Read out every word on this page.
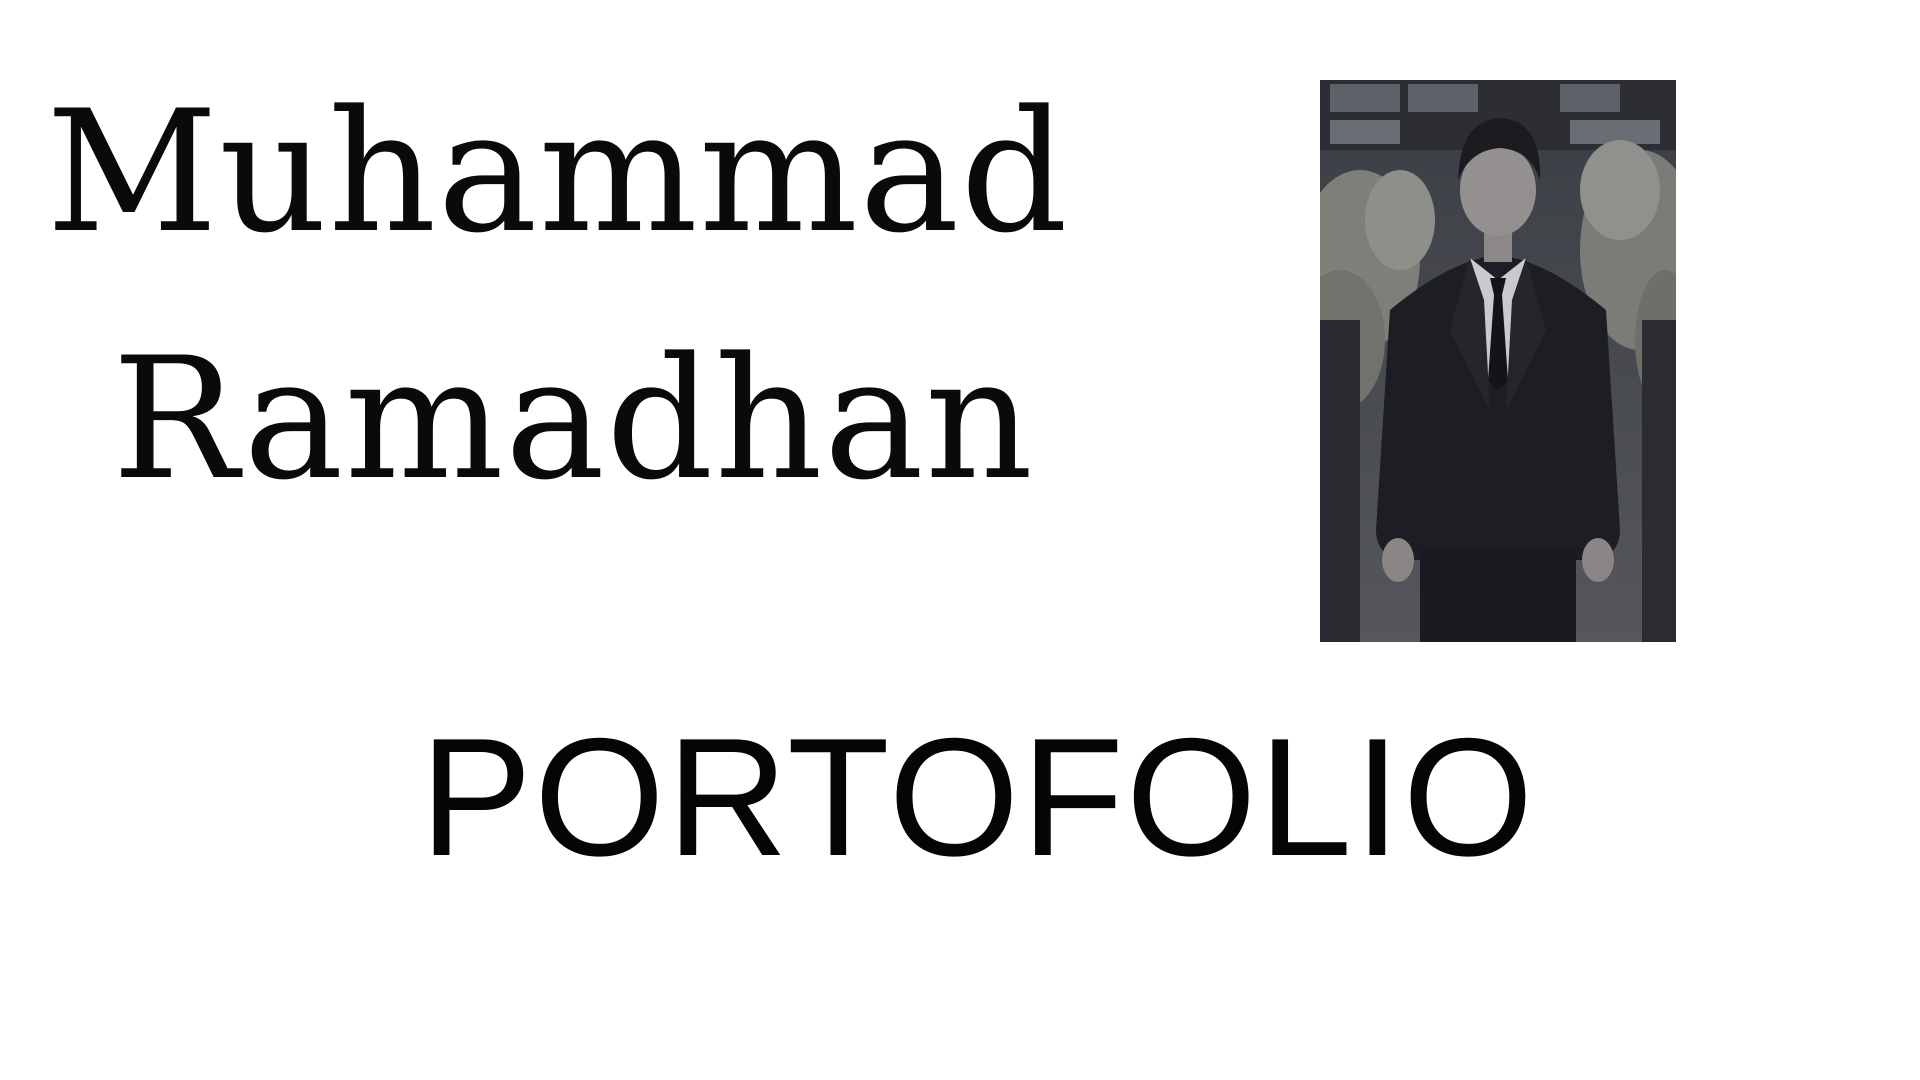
Muhammad
Ramadhan
PORTOFOLIO
